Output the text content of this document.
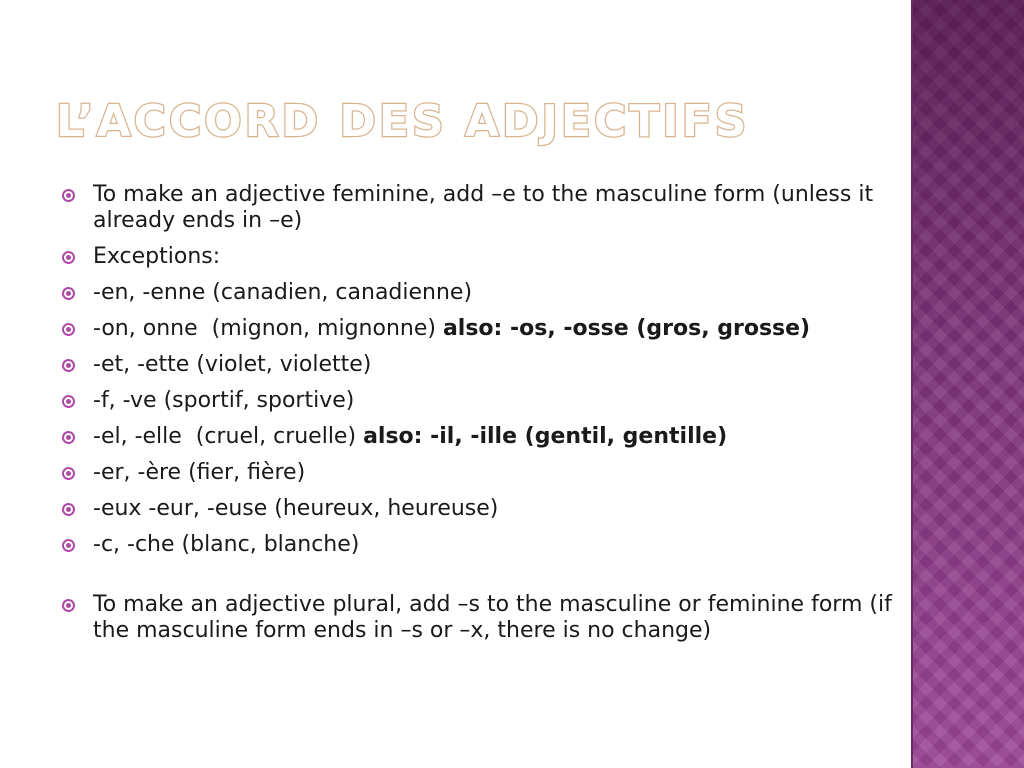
L’ACCORD DES ADJECTIFS
To make an adjective feminine, add –e to the masculine form (unless it already ends in –e)
Exceptions:
-en, -enne (canadien, canadienne)
-on, onne  (mignon, mignonne) also: -os, -osse (gros, grosse)
-et, -ette (violet, violette)
-f, -ve (sportif, sportive)
-el, -elle  (cruel, cruelle) also: -il, -ille (gentil, gentille)
-er, -ère (fier, fière)
-eux -eur, -euse (heureux, heureuse)
-c, -che (blanc, blanche)
To make an adjective plural, add –s to the masculine or feminine form (if the masculine form ends in –s or –x, there is no change)
